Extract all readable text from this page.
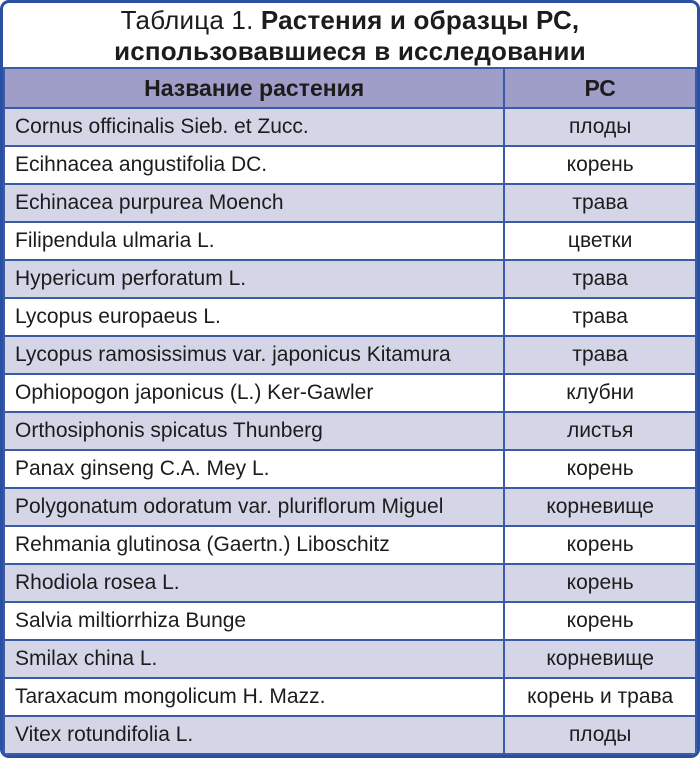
Таблица 1. Растения и образцы РС,
использовавшиеся в исследовании
Название растения	РС
Cornus officinalis Sieb. et Zucc.	плоды
Ecihnacea angustifolia DC.	корень
Echinacea purpurea Moench	трава
Filipendula ulmaria L.	цветки
Hypericum perforatum L.	трава
Lycopus europaeus L.	трава
Lycopus ramosissimus var. japonicus Kitamura	трава
Ophiopogon japonicus (L.) Ker-Gawler	клубни
Orthosiphonis spicatus Thunberg	листья
Panax ginseng C.A. Mey L.	корень
Polygonatum odoratum var. pluriflorum Miguel	корневище
Rehmania glutinosa (Gaertn.) Liboschitz	корень
Rhodiola rosea L.	корень
Salvia miltiorrhiza Bunge	корень
Smilax china L.	корневище
Taraxacum mongolicum H. Mazz.	корень и трава
Vitex rotundifolia L.	плоды
